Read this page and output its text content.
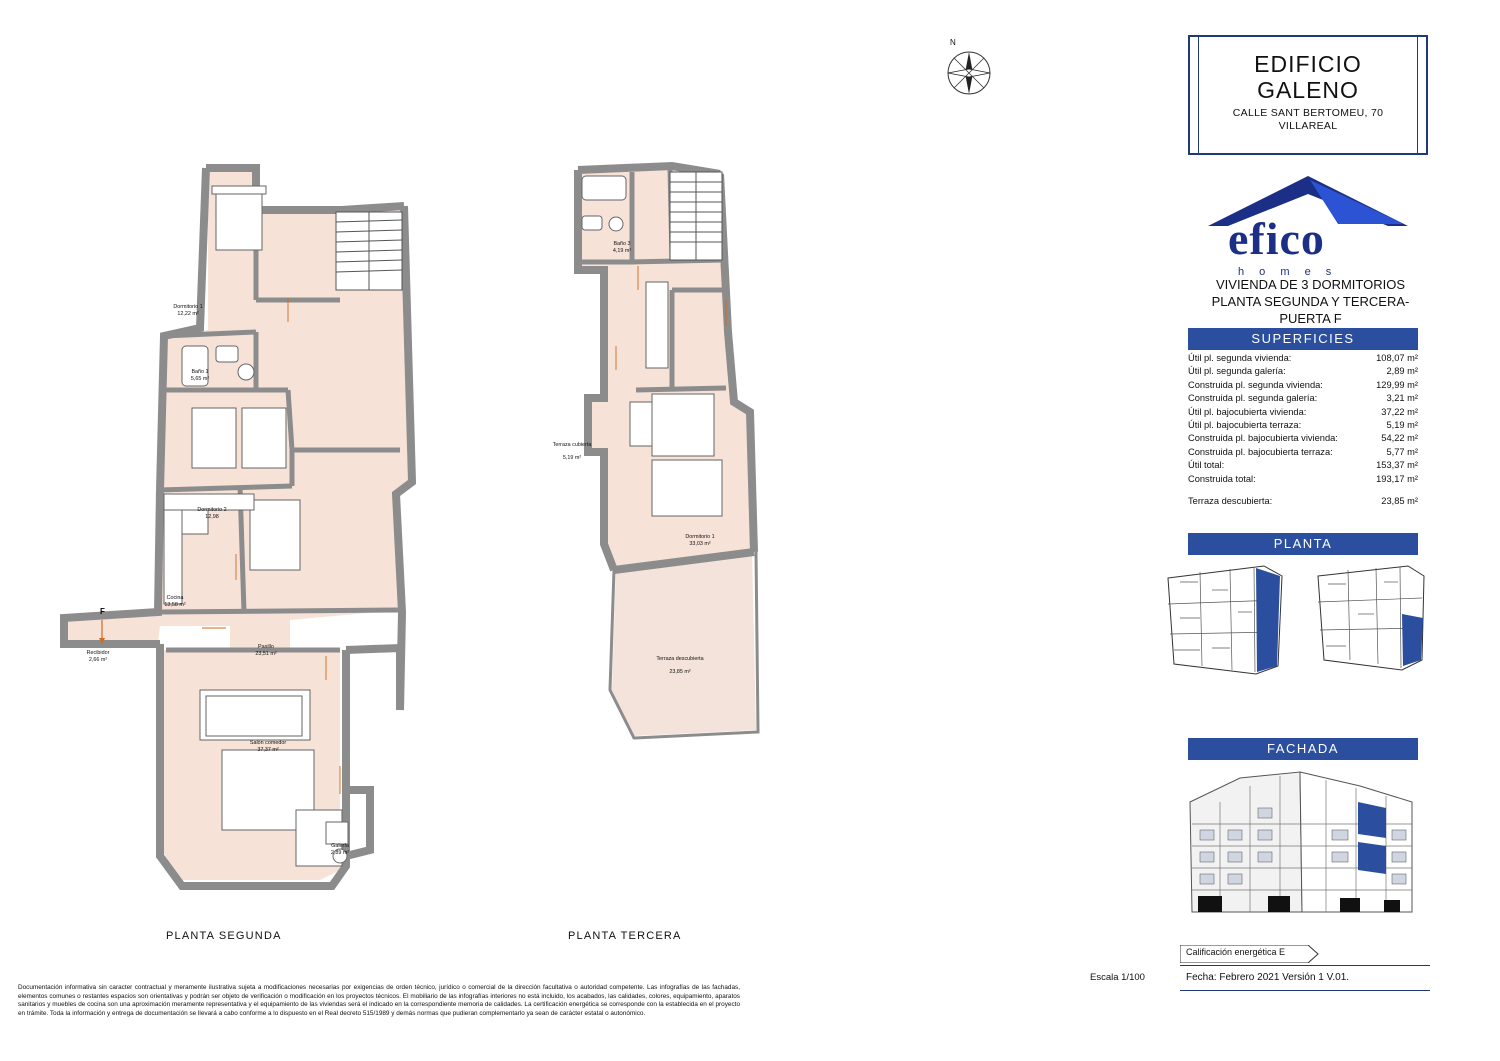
N
EDIFICIO
GALENO
CALLE SANT BERTOMEU, 70
VILLAREAL
efico
h o m e s
VIVIENDA DE 3 DORMITORIOS
PLANTA SEGUNDA Y TERCERA-PUERTA F
SUPERFICIES
Útil pl. segunda vivienda:	108,07 m²
Útil pl. segunda galería:	2,89 m²
Construida pl. segunda vivienda:	129,99 m²
Construida pl. segunda galería:	3,21 m²
Útil pl. bajocubierta vivienda:	37,22 m²
Útil pl. bajocubierta terraza:	5,19 m²
Construida pl. bajocubierta vivienda:	54,22 m²
Construida pl. bajocubierta terraza:	5,77 m²
Útil total:	153,37 m²
Construida total:	193,17 m²
Terraza descubierta:	23,85 m²
PLANTA
FACHADA
Calificación energética E
Escala 1/100	Fecha: Febrero 2021 Versión 1 V.01.
F
Dormitorio 1
12,22 m²
Baño 1
5,65 m²
Dormitorio 2
12,98
Cocina
13,58 m²
Recibidor
2,66 m²
Pasillo
23,51 m²
Salón comedor
37,37 m²
Galería
2,89 m²
Baño 3
4,19 m²
Terraza cubierta
5,19 m²
Dormitorio 1
33,03 m²
Terraza descubierta
23,85 m²
PLANTA SEGUNDA	PLANTA TERCERA
Documentación informativa sin caracter contractual y meramente ilustrativa sujeta a modificaciones necesarias por exigencias de orden técnico, jurídico o comercial de la dirección facultativa o autoridad competente. Las infografías de las fachadas, elementos comunes o restantes espacios son orientativas y podrán ser objeto de verificación o modificación en los proyectos técnicos. El mobiliario de las infografías interiores no está incluido, los acabados, las calidades, colores, equipamiento, aparatos sanitarios y muebles de cocina son una aproximación meramente representativa y el equipamiento de las viviendas será el indicado en la correspondiente memoria de calidades. La certificación energética se corresponde con la establecida en el proyecto en trámite. Toda la información y entrega de documentación se llevará a cabo conforme a lo dispuesto en el Real decreto 515/1989 y demás normas que pudieran complementarlo ya sean de carácter estatal o autonómico.
